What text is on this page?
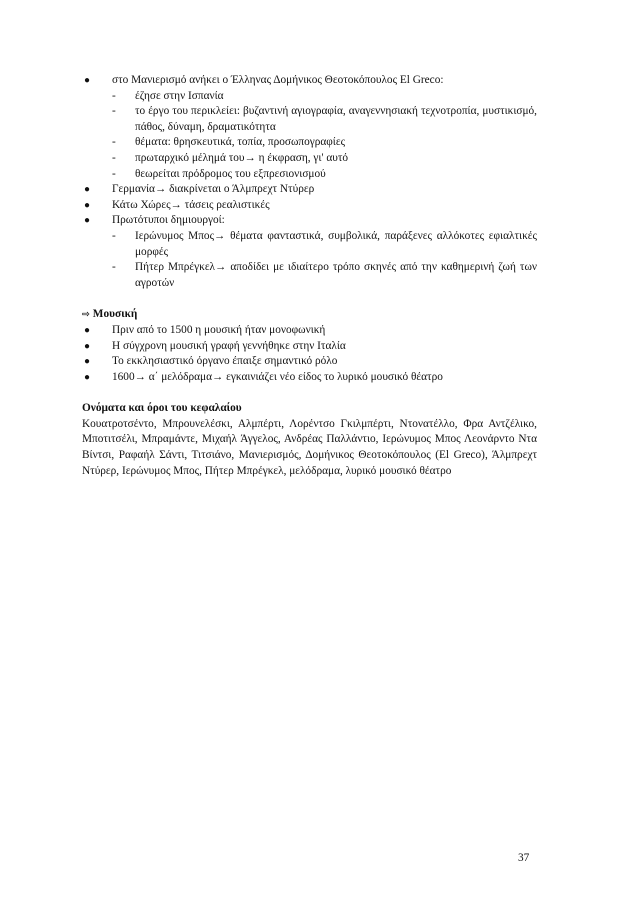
●	στο Μανιερισμό ανήκει ο Έλληνας Δομήνικος Θεοτοκόπουλος El Greco:
-	έζησε στην Ισπανία
-	το έργο του περικλείει: βυζαντινή αγιογραφία, αναγεννησιακή τεχνοτροπία, μυστικισμό, πάθος, δύναμη, δραματικότητα
-	θέματα: θρησκευτικά, τοπία, προσωπογραφίες
-	πρωταρχικό μέλημά του→ η έκφραση, γι' αυτό
-	θεωρείται πρόδρομος του εξπρεσιονισμού
●	Γερμανία→ διακρίνεται ο Άλμπρεχτ Ντύρερ
●	Κάτω Χώρες→ τάσεις ρεαλιστικές
●	Πρωτότυποι δημιουργοί:
-	Ιερώνυμος Μπος→ θέματα φανταστικά, συμβολικά, παράξενες αλλόκοτες εφιαλτικές μορφές
-	Πήτερ Μπρέγκελ→ αποδίδει με ιδιαίτερο τρόπο σκηνές από την καθημερινή ζωή των αγροτών
⇨ Μουσική
●	Πριν από το 1500 η μουσική ήταν μονοφωνική
●	Η σύγχρονη μουσική γραφή γεννήθηκε στην Ιταλία
●	Το εκκλησιαστικό όργανο έπαιξε σημαντικό ρόλο
●	1600→ α΄ μελόδραμα→ εγκαινιάζει νέο είδος το λυρικό μουσικό θέατρο
Ονόματα και όροι του κεφαλαίου
Κουατροτσέντο, Μπρουνελέσκι, Αλμπέρτι, Λορέντσο Γκιλμπέρτι, Ντονατέλλο, Φρα Αντζέλικο, Μποτιτσέλι, Μπραμάντε, Μιχαήλ Άγγελος, Ανδρέας Παλλάντιο, Ιερώνυμος Μπος Λεονάρντο Ντα Βίντσι, Ραφαήλ Σάντι, Τιτσιάνο, Μανιερισμός, Δομήνικος Θεοτοκόπουλος (El Greco), Άλμπρεχτ Ντύρερ, Ιερώνυμος Μπος, Πήτερ Μπρέγκελ, μελόδραμα, λυρικό μουσικό θέατρο
37
